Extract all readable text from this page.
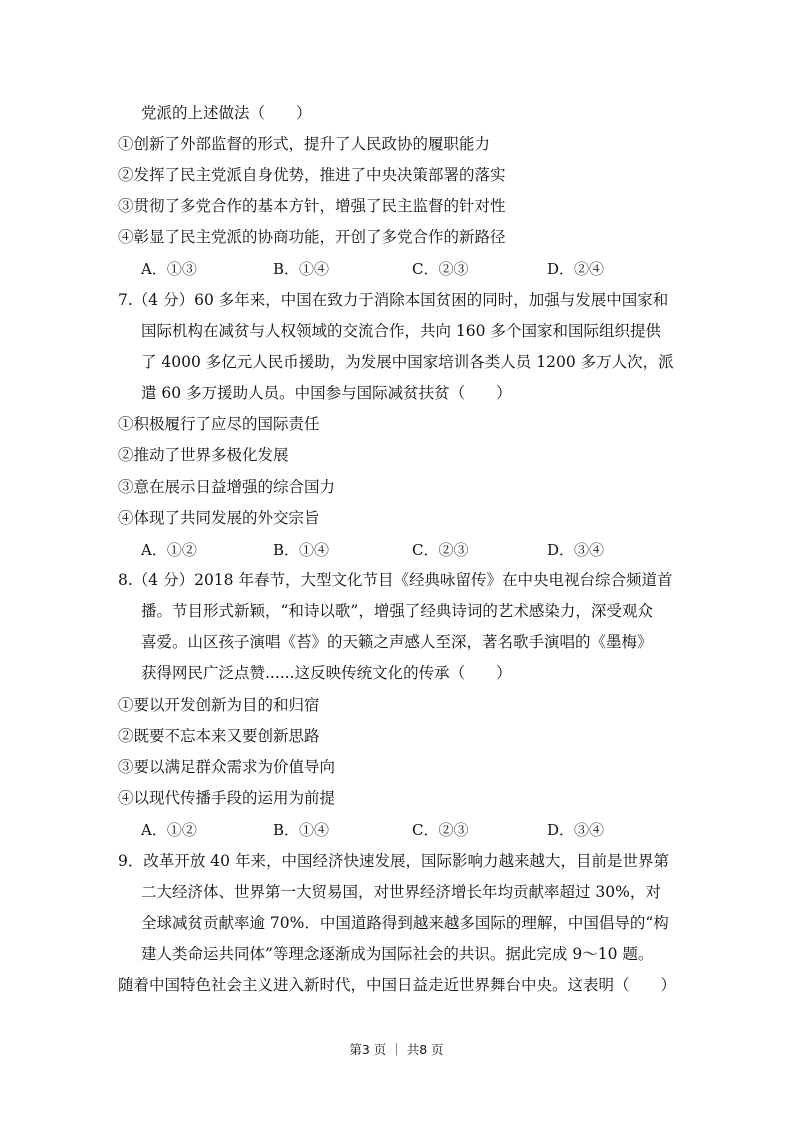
党派的上述做法（　　）
①创新了外部监督的形式，提升了人民政协的履职能力
②发挥了民主党派自身优势，推进了中央决策部署的落实
③贯彻了多党合作的基本方针，增强了民主监督的针对性
④彰显了民主党派的协商功能，开创了多党合作的新路径
A．①③	B．①④	C．②③	D．②④
7.（4 分）60 多年来，中国在致力于消除本国贫困的同时，加强与发展中国家和
国际机构在减贫与人权领域的交流合作，共向 160 多个国家和国际组织提供
了 4000 多亿元人民币援助，为发展中国家培训各类人员 1200 多万人次，派
遣 60 多万援助人员。中国参与国际减贫扶贫（　　）
①积极履行了应尽的国际责任
②推动了世界多极化发展
③意在展示日益增强的综合国力
④体现了共同发展的外交宗旨
A．①②	B．①④	C．②③	D．③④
8.（4 分）2018 年春节，大型文化节目《经典咏留传》在中央电视台综合频道首
播。节目形式新颖，“和诗以歌”，增强了经典诗词的艺术感染力，深受观众
喜爱。山区孩子演唱《苔》的天籁之声感人至深，著名歌手演唱的《墨梅》
获得网民广泛点赞......这反映传统文化的传承（　　）
①要以开发创新为目的和归宿
②既要不忘本来又要创新思路
③要以满足群众需求为价值导向
④以现代传播手段的运用为前提
A．①②	B．①④	C．②③	D．③④
9．改革开放 40 年来，中国经济快速发展，国际影响力越来越大，目前是世界第
二大经济体、世界第一大贸易国，对世界经济增长年均贡献率超过 30%，对
全球减贫贡献率逾 70%．中国道路得到越来越多国际的理解，中国倡导的“构
建人类命运共同体”等理念逐渐成为国际社会的共识。据此完成 9～10 题。
随着中国特色社会主义进入新时代，中国日益走近世界舞台中央。这表明（　　）
第3 页 ｜ 共8 页
